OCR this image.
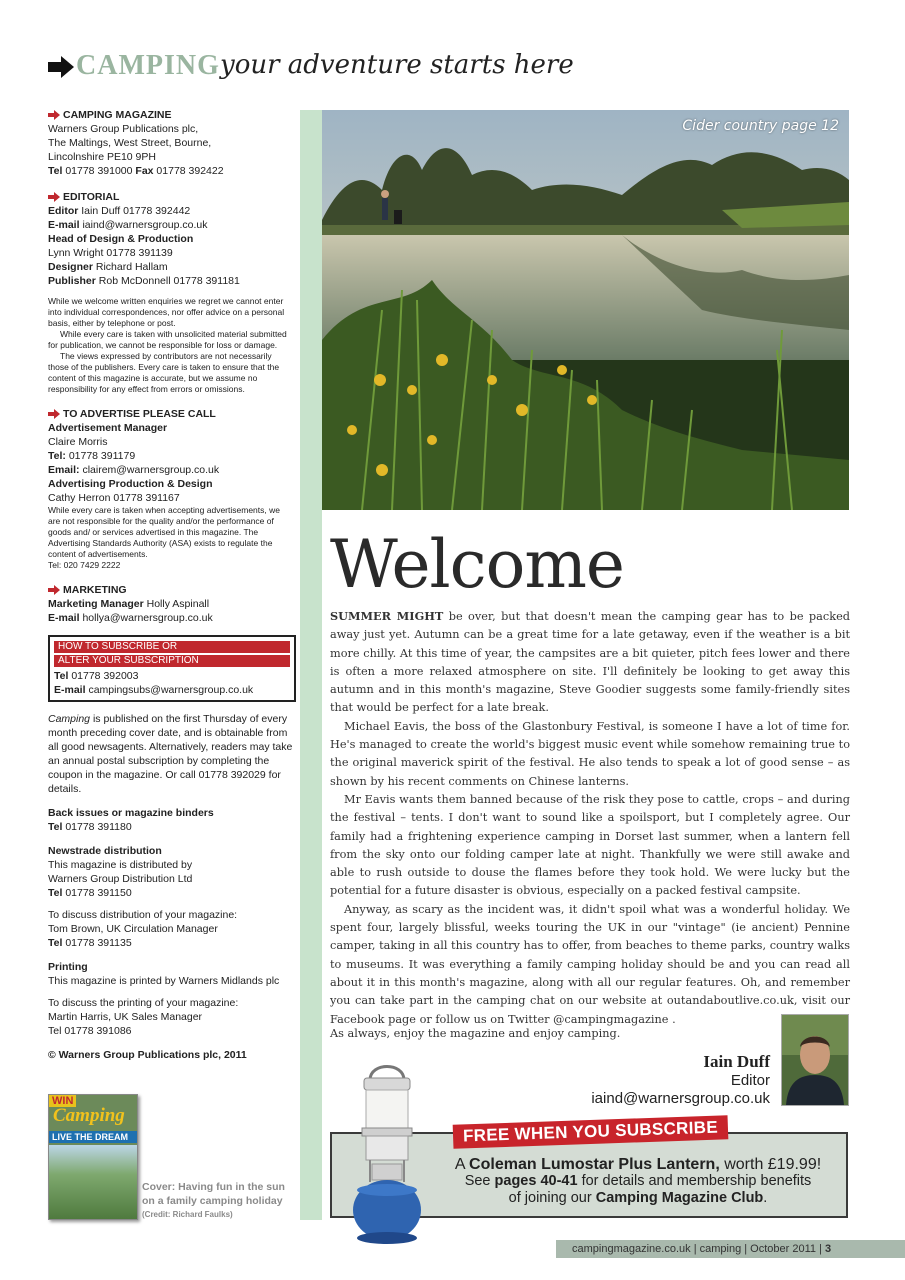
CAMPING your adventure starts here
CAMPING MAGAZINE
Warners Group Publications plc,
The Maltings, West Street, Bourne,
Lincolnshire PE10 9PH
Tel 01778 391000 Fax 01778 392422
EDITORIAL
Editor Iain Duff 01778 392442
E-mail iaind@warnersgroup.co.uk
Head of Design & Production
Lynn Wright 01778 391139
Designer Richard Hallam
Publisher Rob McDonnell 01778 391181

While we welcome written enquiries we regret we cannot enter into individual correspondences, nor offer advice on a personal basis, either by telephone or post.

While every care is taken with unsolicited material submitted for publication, we cannot be responsible for loss or damage.

The views expressed by contributors are not necessarily those of the publishers. Every care is taken to ensure that the content of this magazine is accurate, but we assume no responsibility for any effect from errors or omissions.

TO ADVERTISE PLEASE CALL
Advertisement Manager
Claire Morris
Tel: 01778 391179
Email: clairem@warnersgroup.co.uk
Advertising Production & Design
Cathy Herron 01778 391167

While every care is taken when accepting advertisements, we are not responsible for the quality and/or the performance of goods and/ or services advertised in this magazine. The Advertising Standards Authority (ASA) exists to regulate the content of advertisements.

Tel: 020 7429 2222

MARKETING
Marketing Manager Holly Aspinall
E-mail hollya@warnersgroup.co.uk
HOW TO SUBSCRIBE OR
ALTER YOUR SUBSCRIPTION
Tel 01778 392003
E-mail campingsubs@warnersgroup.co.uk
Camping is published on the first Thursday of every month preceding cover date, and is obtainable from all good newsagents. Alternatively, readers may take an annual postal subscription by completing the coupon in the magazine. Or call 01778 392029 for details.
Back issues or magazine binders
Tel 01778 391180
Newstrade distribution
This magazine is distributed by
Warners Group Distribution Ltd
Tel 01778 391150
To discuss distribution of your magazine:
Tom Brown, UK Circulation Manager
Tel 01778 391135
Printing
This magazine is printed by Warners Midlands plc
To discuss the printing of your magazine:
Martin Harris, UK Sales Manager
Tel 01778 391086
© Warners Group Publications plc, 2011
WIN
Camping
LIVE THE DREAM
Cover: Having fun in the sun on a family camping holiday
(Credit: Richard Faulks)
Cider country page 12
Welcome

SUMMER MIGHT be over, but that doesn't mean the camping gear has to be packed away just yet. Autumn can be a great time for a late getaway, even if the weather is a bit more chilly. At this time of year, the campsites are a bit quieter, pitch fees lower and there is often a more relaxed atmosphere on site. I'll definitely be looking to get away this autumn and in this month's magazine, Steve Goodier suggests some family-friendly sites that would be perfect for a late break.

Michael Eavis, the boss of the Glastonbury Festival, is someone I have a lot of time for. He's managed to create the world's biggest music event while somehow remaining true to the original maverick spirit of the festival. He also tends to speak a lot of good sense – as shown by his recent comments on Chinese lanterns.

Mr Eavis wants them banned because of the risk they pose to cattle, crops – and during the festival – tents. I don't want to sound like a spoilsport, but I completely agree. Our family had a frightening experience camping in Dorset last summer, when a lantern fell from the sky onto our folding camper late at night. Thankfully we were still awake and able to rush outside to douse the flames before they took hold. We were lucky but the potential for a future disaster is obvious, especially on a packed festival campsite.

Anyway, as scary as the incident was, it didn't spoil what was a wonderful holiday. We spent four, largely blissful, weeks touring the UK in our "vintage" (ie ancient) Pennine camper, taking in all this country has to offer, from beaches to theme parks, country walks to museums. It was everything a family camping holiday should be and you can read all about it in this month's magazine, along with all our regular features. Oh, and remember you can take part in the camping chat on our website at outandaboutlive.co.uk, visit our Facebook page or follow us on Twitter @campingmagazine .

As always, enjoy the magazine and enjoy camping.
Iain Duff
Editor
iaind@warnersgroup.co.uk
FREE WHEN YOU SUBSCRIBE
A Coleman Lumostar Plus Lantern, worth £19.99!
See pages 40-41 for details and membership benefits
of joining our Camping Magazine Club.
campingmagazine.co.uk | camping | October 2011 | 3
